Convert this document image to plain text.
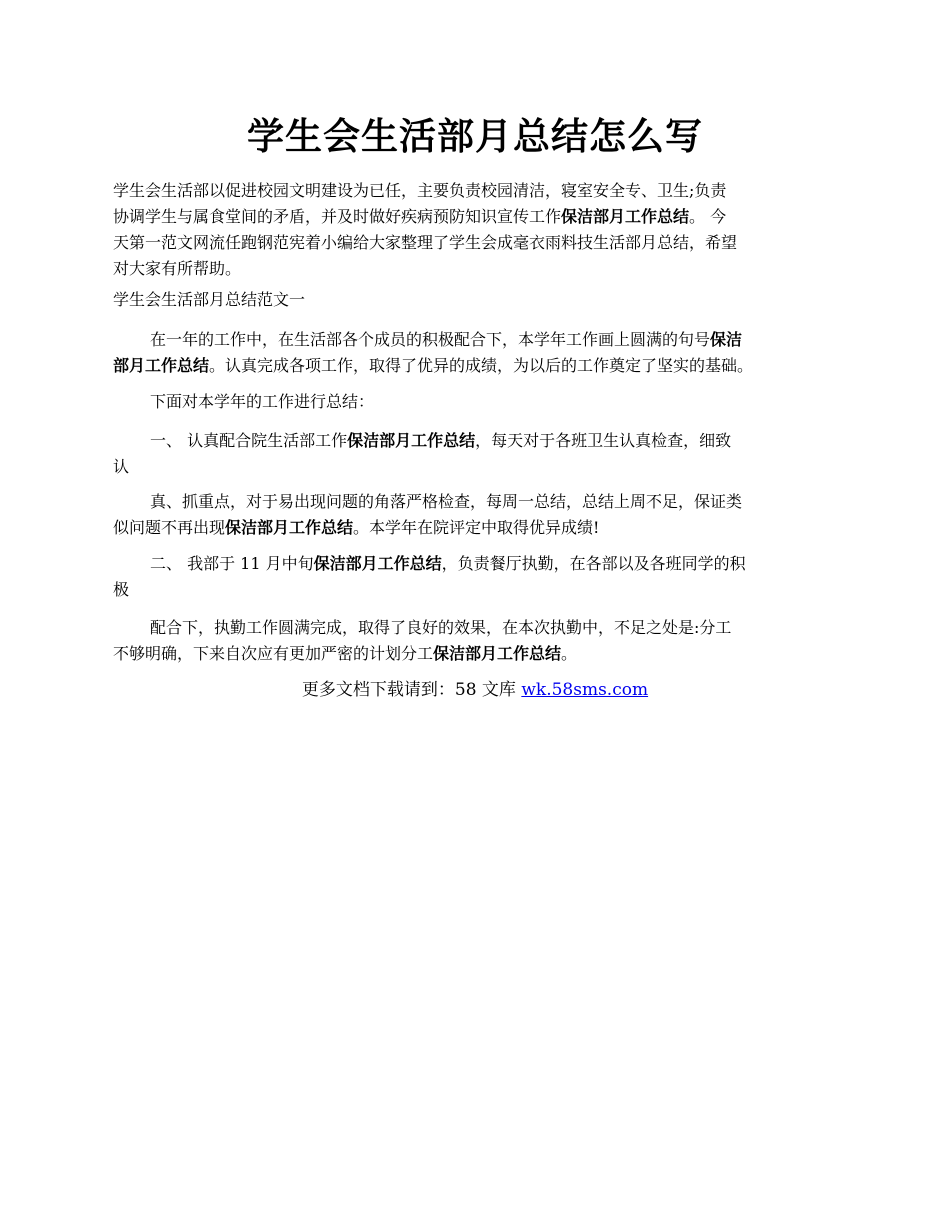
学生会生活部月总结怎么写

学生会生活部以促进校园文明建设为已任，主要负责校园清洁，寝室安全专、卫生;负责
协调学生与属食堂间的矛盾，并及时做好疾病预防知识宣传工作保洁部月工作总结。 今
天第一范文网流任跑钢范宪着小编给大家整理了学生会成毫衣雨料技生活部月总结，希望
对大家有所帮助。

学生会生活部月总结范文一

在一年的工作中，在生活部各个成员的积极配合下，本学年工作画上圆满的句号保洁
部月工作总结。认真完成各项工作，取得了优异的成绩，为以后的工作奠定了坚实的基础。

下面对本学年的工作进行总结：

一、 认真配合院生活部工作保洁部月工作总结，每天对于各班卫生认真检查，细致
认

真、抓重点，对于易出现问题的角落严格检查，每周一总结，总结上周不足，保证类
似问题不再出现保洁部月工作总结。本学年在院评定中取得优异成绩!

二、 我部于 11 月中旬保洁部月工作总结，负责餐厅执勤，在各部以及各班同学的积
极

配合下，执勤工作圆满完成，取得了良好的效果，在本次执勤中，不足之处是:分工
不够明确，下来自次应有更加严密的计划分工保洁部月工作总结。

更多文档下载请到：58 文库 wk.58sms.com
